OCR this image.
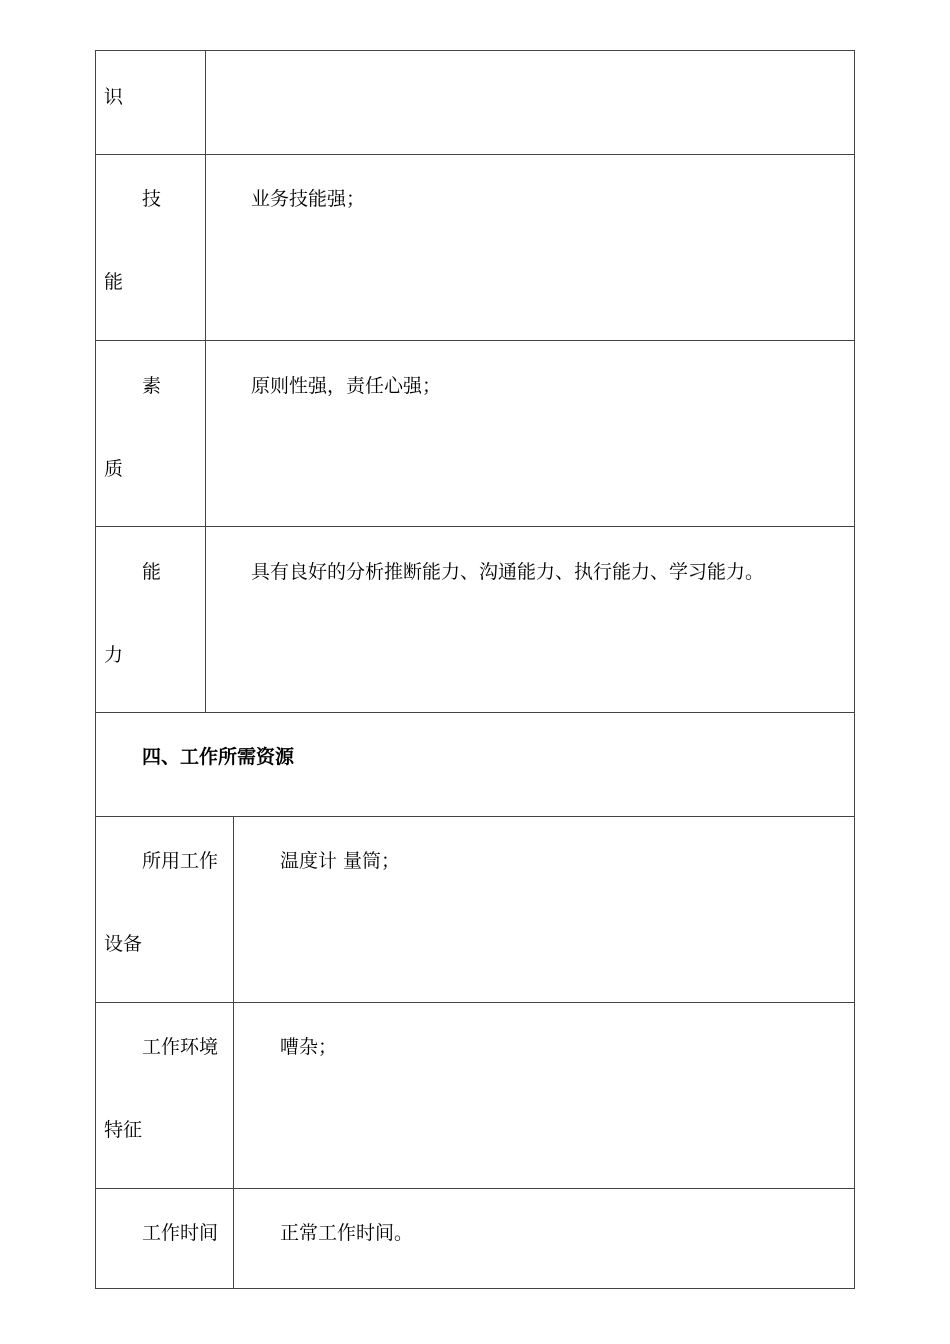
识
技
能
业务技能强；
素
质
原则性强，责任心强；
能
力
具有良好的分析推断能力、沟通能力、执行能力、学习能力。
四、工作所需资源
所用工作
设备
温度计 量筒；
工作环境
特征
嘈杂；
工作时间	正常工作时间。
